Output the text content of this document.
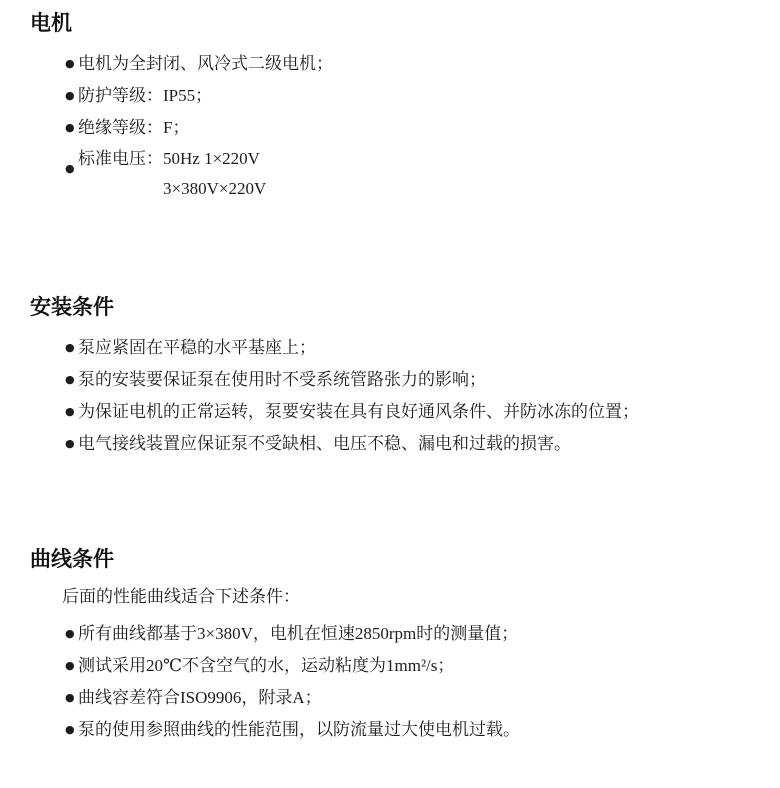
电机
● 电机为全封闭、风冷式二级电机；
● 防护等级：IP55；
● 绝缘等级：F；
●
标准电压： 50Hz 1×220V
3×380V×220V
安装条件
● 泵应紧固在平稳的水平基座上；
● 泵的安装要保证泵在使用时不受系统管路张力的影响；
● 为保证电机的正常运转，泵要安装在具有良好通风条件、并防冰冻的位置；
● 电气接线装置应保证泵不受缺相、电压不稳、漏电和过载的损害。
曲线条件
后面的性能曲线适合下述条件：
● 所有曲线都基于3×380V，电机在恒速2850rpm时的测量值；
● 测试采用20℃不含空气的水，运动粘度为1mm²/s；
● 曲线容差符合ISO9906，附录A；
● 泵的使用参照曲线的性能范围，以防流量过大使电机过载。
